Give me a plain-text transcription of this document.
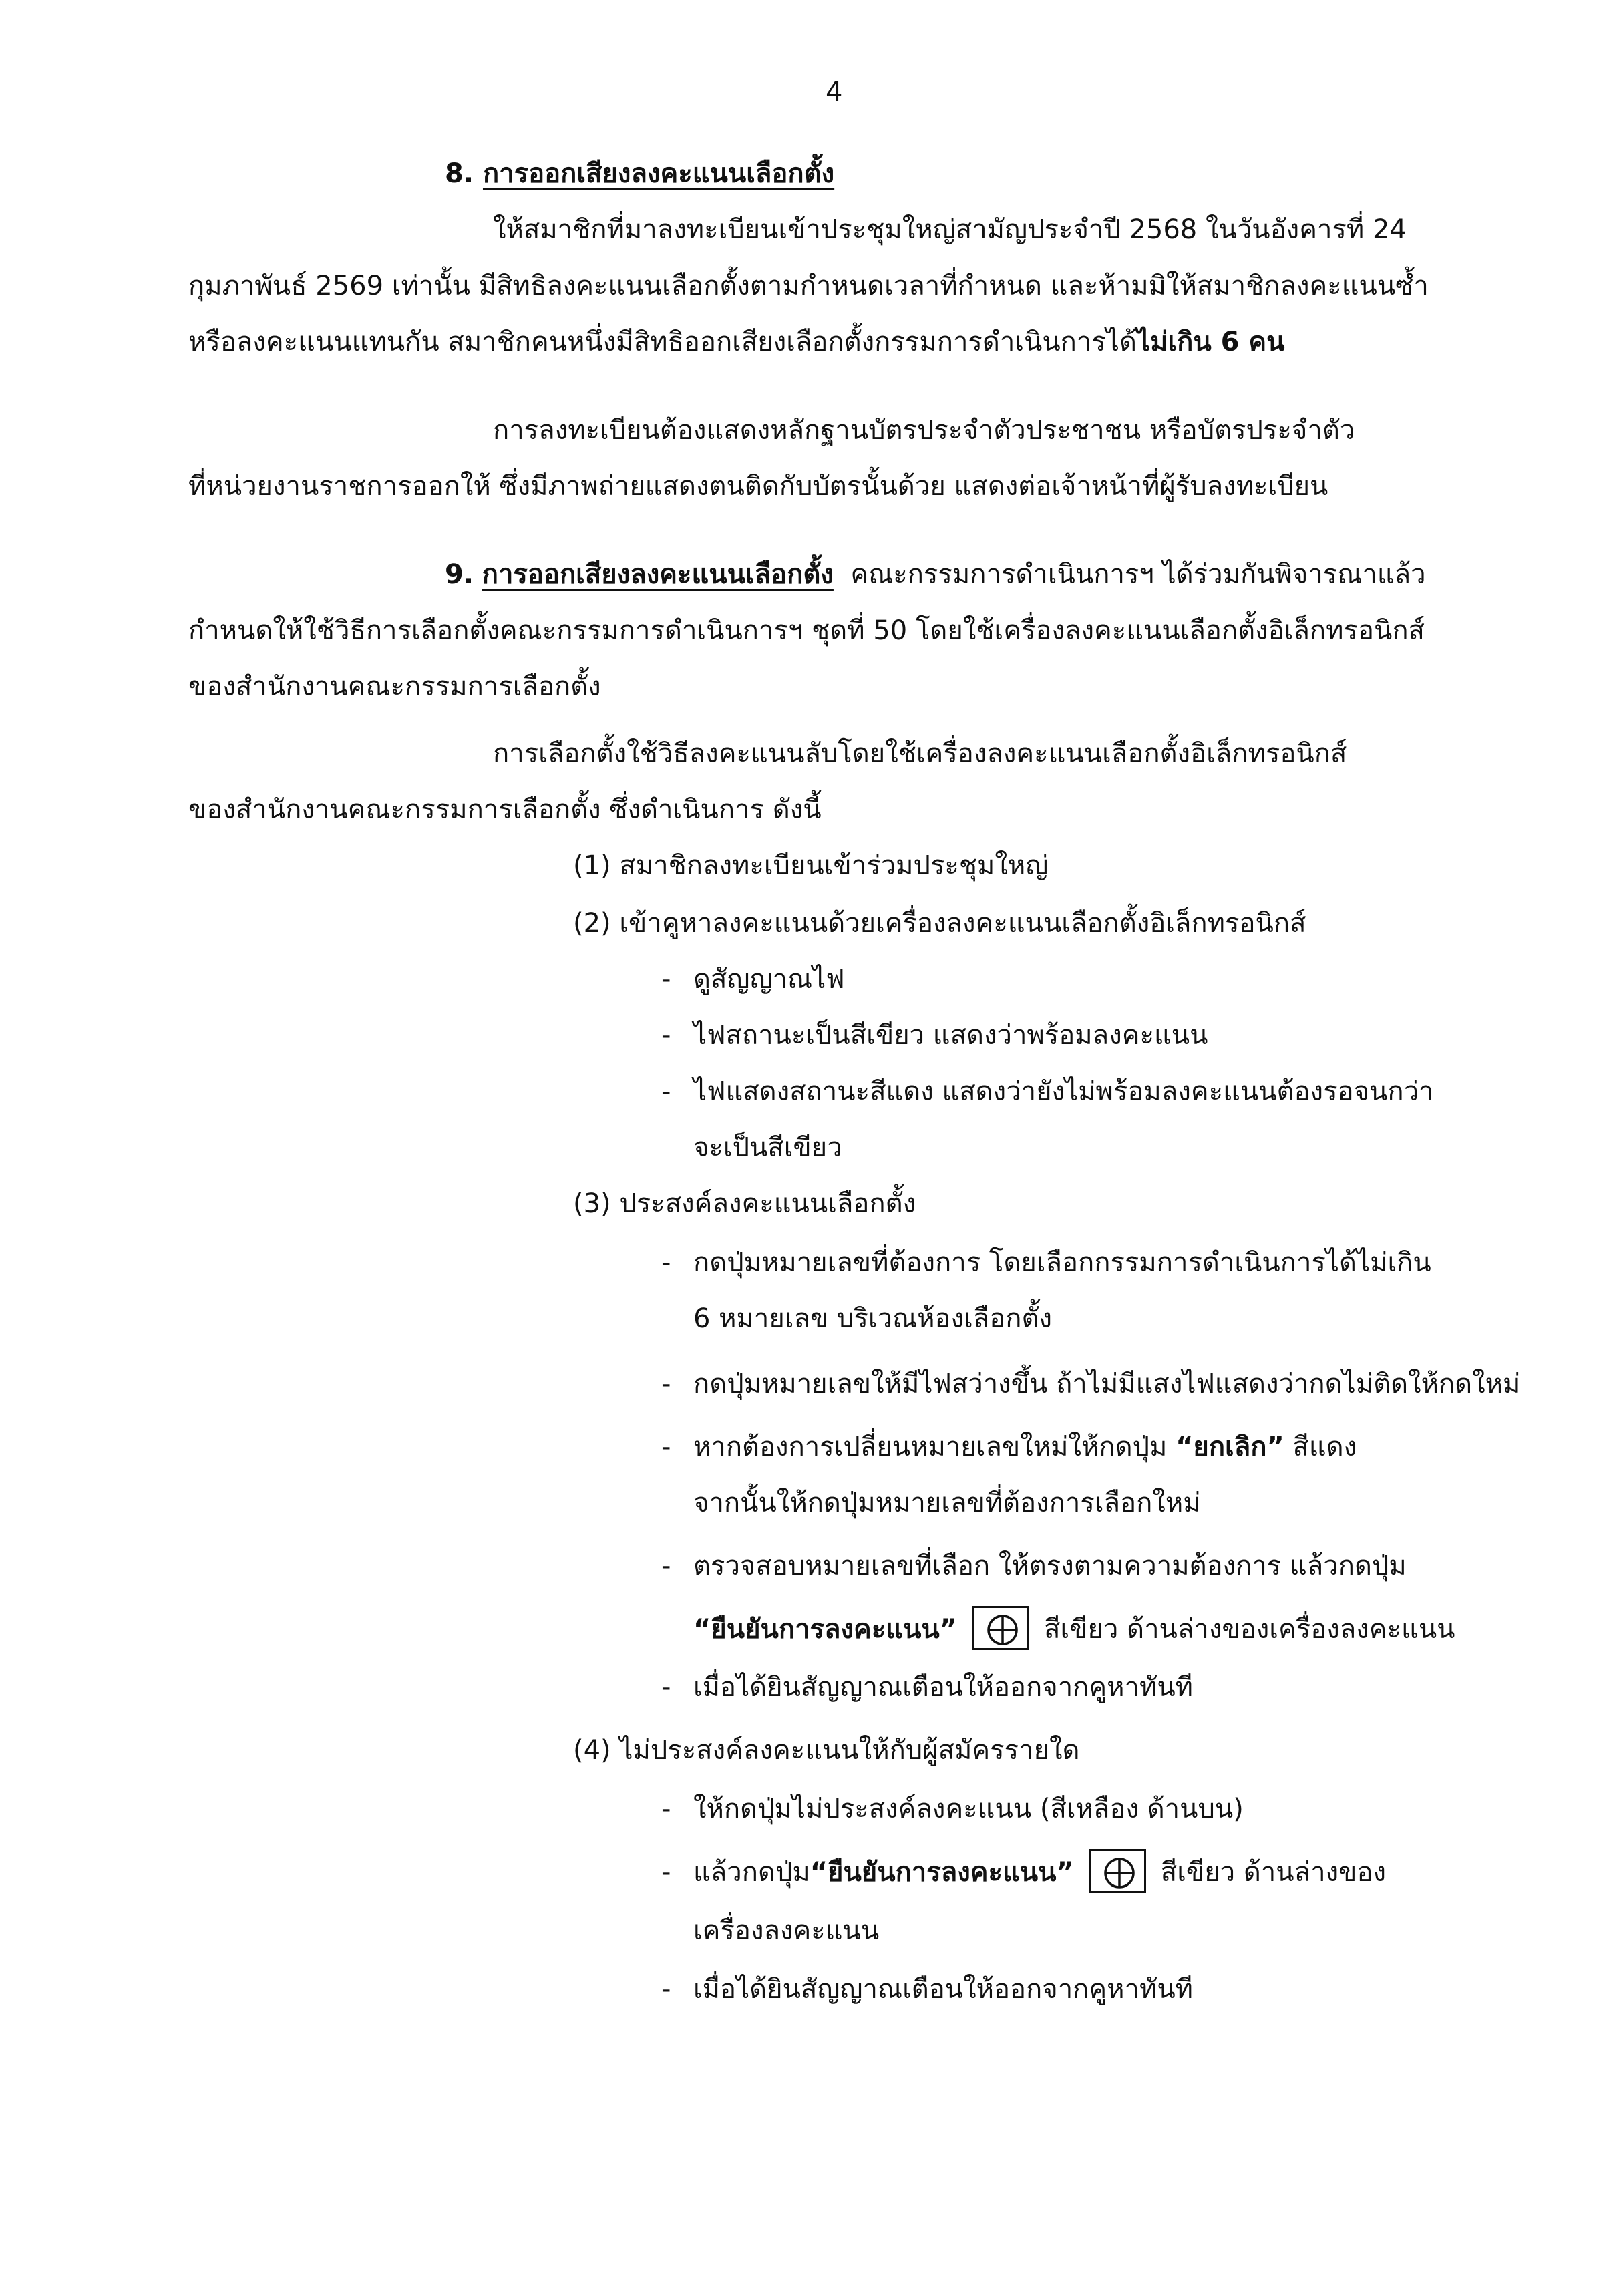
4
8. การออกเสียงลงคะแนนเลือกตั้ง
ให้สมาชิกที่มาลงทะเบียนเข้าประชุมใหญ่สามัญประจำปี 2568 ในวันอังคารที่ 24
กุมภาพันธ์ 2569 เท่านั้น มีสิทธิลงคะแนนเลือกตั้งตามกำหนดเวลาที่กำหนด และห้ามมิให้สมาชิกลงคะแนนซ้ำ
หรือลงคะแนนแทนกัน สมาชิกคนหนึ่งมีสิทธิออกเสียงเลือกตั้งกรรมการดำเนินการได้ไม่เกิน 6 คน
การลงทะเบียนต้องแสดงหลักฐานบัตรประจำตัวประชาชน หรือบัตรประจำตัว
ที่หน่วยงานราชการออกให้ ซึ่งมีภาพถ่ายแสดงตนติดกับบัตรนั้นด้วย แสดงต่อเจ้าหน้าที่ผู้รับลงทะเบียน
9. การออกเสียงลงคะแนนเลือกตั้ง คณะกรรมการดำเนินการฯ ได้ร่วมกันพิจารณาแล้ว
กำหนดให้ใช้วิธีการเลือกตั้งคณะกรรมการดำเนินการฯ ชุดที่ 50 โดยใช้เครื่องลงคะแนนเลือกตั้งอิเล็กทรอนิกส์
ของสำนักงานคณะกรรมการเลือกตั้ง
การเลือกตั้งใช้วิธีลงคะแนนลับโดยใช้เครื่องลงคะแนนเลือกตั้งอิเล็กทรอนิกส์
ของสำนักงานคณะกรรมการเลือกตั้ง ซึ่งดำเนินการ ดังนี้
(1) สมาชิกลงทะเบียนเข้าร่วมประชุมใหญ่
(2) เข้าคูหาลงคะแนนด้วยเครื่องลงคะแนนเลือกตั้งอิเล็กทรอนิกส์
- ดูสัญญาณไฟ
- ไฟสถานะเป็นสีเขียว แสดงว่าพร้อมลงคะแนน
- ไฟแสดงสถานะสีแดง แสดงว่ายังไม่พร้อมลงคะแนนต้องรอจนกว่า
จะเป็นสีเขียว
(3) ประสงค์ลงคะแนนเลือกตั้ง
- กดปุ่มหมายเลขที่ต้องการ โดยเลือกกรรมการดำเนินการได้ไม่เกิน
6 หมายเลข บริเวณห้องเลือกตั้ง
- กดปุ่มหมายเลขให้มีไฟสว่างขึ้น ถ้าไม่มีแสงไฟแสดงว่ากดไม่ติดให้กดใหม่
- หากต้องการเปลี่ยนหมายเลขใหม่ให้กดปุ่ม “ยกเลิก” สีแดง
จากนั้นให้กดปุ่มหมายเลขที่ต้องการเลือกใหม่
- ตรวจสอบหมายเลขที่เลือก ให้ตรงตามความต้องการ แล้วกดปุ่ม
“ยืนยันการลงคะแนน”	สีเขียว ด้านล่างของเครื่องลงคะแนน
- เมื่อได้ยินสัญญาณเตือนให้ออกจากคูหาทันที
(4) ไม่ประสงค์ลงคะแนนให้กับผู้สมัครรายใด
- ให้กดปุ่มไม่ประสงค์ลงคะแนน (สีเหลือง ด้านบน)
- แล้วกดปุ่ม“ยืนยันการลงคะแนน”	สีเขียว ด้านล่างของ
เครื่องลงคะแนน
- เมื่อได้ยินสัญญาณเตือนให้ออกจากคูหาทันที
